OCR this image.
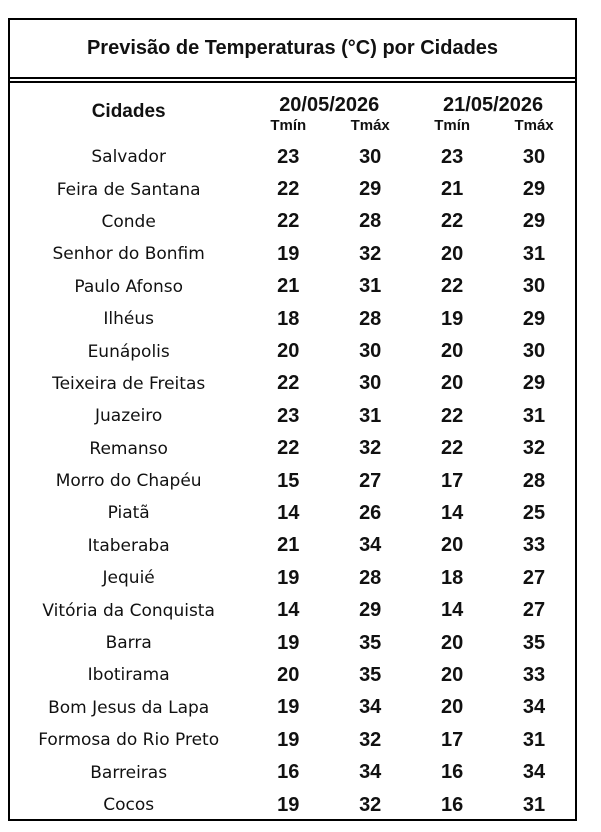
Previsão de Temperaturas (°C) por Cidades
Cidades	20/05/2026		21/05/2026	
	Tmín	Tmáx	Tmín	Tmáx
Salvador	23	30	23	30
Feira de Santana	22	29	21	29
Conde	22	28	22	29
Senhor do Bonfim	19	32	20	31
Paulo Afonso	21	31	22	30
Ilhéus	18	28	19	29
Eunápolis	20	30	20	30
Teixeira de Freitas	22	30	20	29
Juazeiro	23	31	22	31
Remanso	22	32	22	32
Morro do Chapéu	15	27	17	28
Piatã	14	26	14	25
Itaberaba	21	34	20	33
Jequié	19	28	18	27
Vitória da Conquista	14	29	14	27
Barra	19	35	20	35
Ibotirama	20	35	20	33
Bom Jesus da Lapa	19	34	20	34
Formosa do Rio Preto	19	32	17	31
Barreiras	16	34	16	34
Cocos	19	32	16	31
